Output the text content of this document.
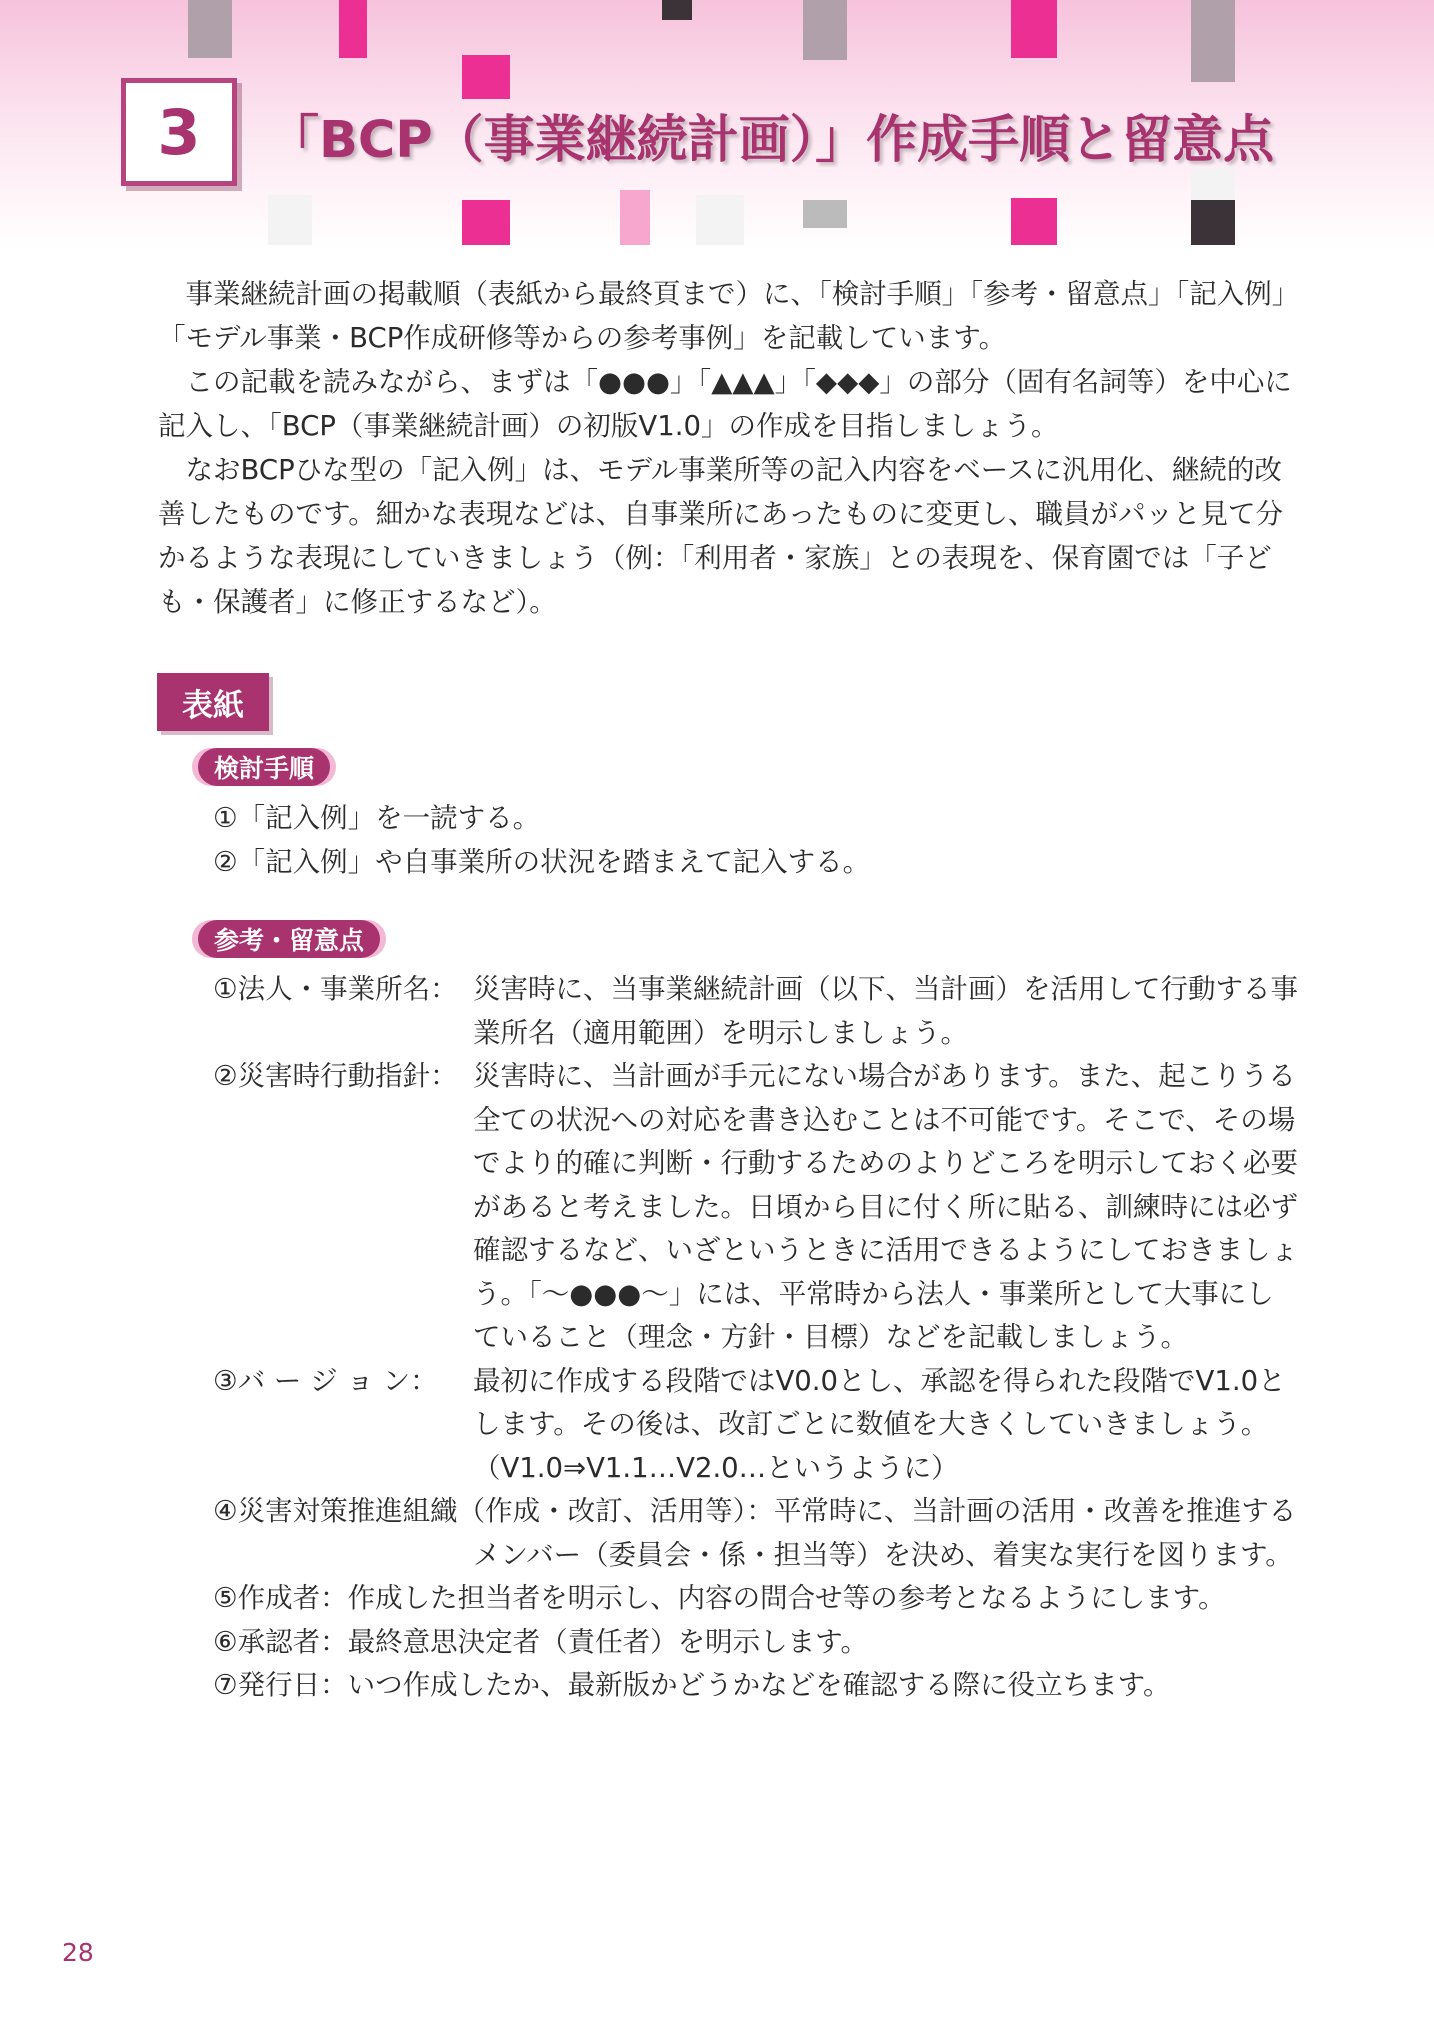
3 「BCP（事業継続計画）」作成手順と留意点

事業継続計画の掲載順（表紙から最終頁まで）に、「検討手順」「参考・留意点」「記入例」「モデル事業・BCP作成研修等からの参考事例」を記載しています。

この記載を読みながら、まずは「●●●」「▲▲▲」「◆◆◆」の部分（固有名詞等）を中心に記入し、「BCP（事業継続計画）の初版V1.0」の作成を目指しましょう。

なおBCPひな型の「記入例」は、モデル事業所等の記入内容をベースに汎用化、継続的改善したものです。細かな表現などは、自事業所にあったものに変更し、職員がパッと見て分かるような表現にしていきましょう（例：「利用者・家族」との表現を、保育園では「子ども・保護者」に修正するなど）。

表紙
検討手順
①「記入例」を一読する。
②「記入例」や自事業所の状況を踏まえて記入する。
参考・留意点
①法人・事業所名： 災害時に、当事業継続計画（以下、当計画）を活用して行動する事業所名（適用範囲）を明示しましょう。
②災害時行動指針： 災害時に、当計画が手元にない場合があります。また、起こりうる全ての状況への対応を書き込むことは不可能です。そこで、その場でより的確に判断・行動するためのよりどころを明示しておく必要があると考えました。日頃から目に付く所に貼る、訓練時には必ず確認するなど、いざというときに活用できるようにしておきましょう。「～●●●～」には、平常時から法人・事業所として大事にしていること（理念・方針・目標）などを記載しましょう。
③バ ー ジ ョ ン：	最初に作成する段階ではV0.0とし、承認を得られた段階でV1.0とします。その後は、改訂ごとに数値を大きくしていきましょう。（V1.0⇒V1.1…V2.0…というように）
④災害対策推進組織（作成・改訂、活用等）：平常時に、当計画の活用・改善を推進するメンバー（委員会・係・担当等）を決め、着実な実行を図ります。
⑤作成者：作成した担当者を明示し、内容の問合せ等の参考となるようにします。
⑥承認者：最終意思決定者（責任者）を明示します。
⑦発行日：いつ作成したか、最新版かどうかなどを確認する際に役立ちます。
28
